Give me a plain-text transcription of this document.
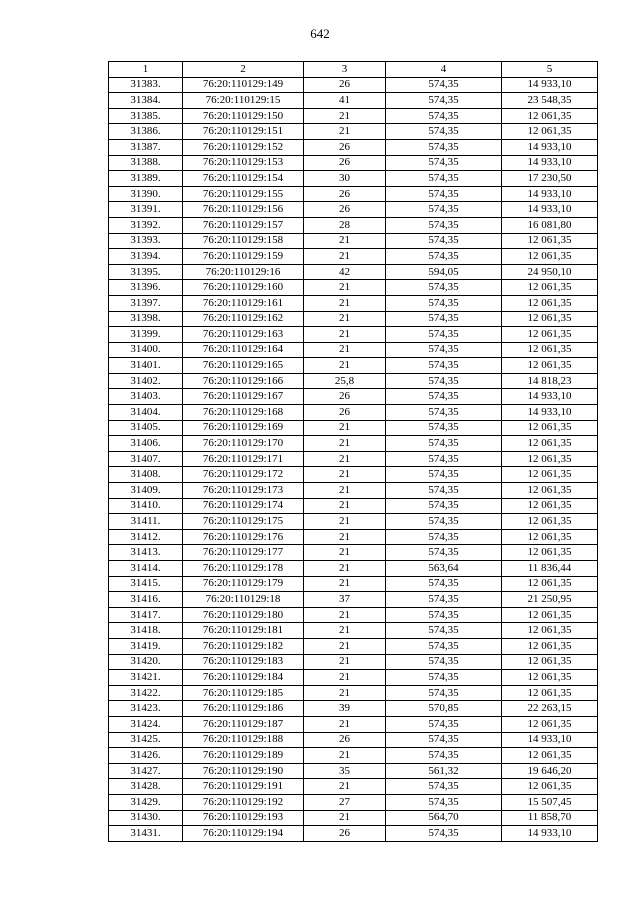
642
1	2	3	4	5
31383.	76:20:110129:149	26	574,35	14 933,10
31384.	76:20:110129:15	41	574,35	23 548,35
31385.	76:20:110129:150	21	574,35	12 061,35
31386.	76:20:110129:151	21	574,35	12 061,35
31387.	76:20:110129:152	26	574,35	14 933,10
31388.	76:20:110129:153	26	574,35	14 933,10
31389.	76:20:110129:154	30	574,35	17 230,50
31390.	76:20:110129:155	26	574,35	14 933,10
31391.	76:20:110129:156	26	574,35	14 933,10
31392.	76:20:110129:157	28	574,35	16 081,80
31393.	76:20:110129:158	21	574,35	12 061,35
31394.	76:20:110129:159	21	574,35	12 061,35
31395.	76:20:110129:16	42	594,05	24 950,10
31396.	76:20:110129:160	21	574,35	12 061,35
31397.	76:20:110129:161	21	574,35	12 061,35
31398.	76:20:110129:162	21	574,35	12 061,35
31399.	76:20:110129:163	21	574,35	12 061,35
31400.	76:20:110129:164	21	574,35	12 061,35
31401.	76:20:110129:165	21	574,35	12 061,35
31402.	76:20:110129:166	25,8	574,35	14 818,23
31403.	76:20:110129:167	26	574,35	14 933,10
31404.	76:20:110129:168	26	574,35	14 933,10
31405.	76:20:110129:169	21	574,35	12 061,35
31406.	76:20:110129:170	21	574,35	12 061,35
31407.	76:20:110129:171	21	574,35	12 061,35
31408.	76:20:110129:172	21	574,35	12 061,35
31409.	76:20:110129:173	21	574,35	12 061,35
31410.	76:20:110129:174	21	574,35	12 061,35
31411.	76:20:110129:175	21	574,35	12 061,35
31412.	76:20:110129:176	21	574,35	12 061,35
31413.	76:20:110129:177	21	574,35	12 061,35
31414.	76:20:110129:178	21	563,64	11 836,44
31415.	76:20:110129:179	21	574,35	12 061,35
31416.	76:20:110129:18	37	574,35	21 250,95
31417.	76:20:110129:180	21	574,35	12 061,35
31418.	76:20:110129:181	21	574,35	12 061,35
31419.	76:20:110129:182	21	574,35	12 061,35
31420.	76:20:110129:183	21	574,35	12 061,35
31421.	76:20:110129:184	21	574,35	12 061,35
31422.	76:20:110129:185	21	574,35	12 061,35
31423.	76:20:110129:186	39	570,85	22 263,15
31424.	76:20:110129:187	21	574,35	12 061,35
31425.	76:20:110129:188	26	574,35	14 933,10
31426.	76:20:110129:189	21	574,35	12 061,35
31427.	76:20:110129:190	35	561,32	19 646,20
31428.	76:20:110129:191	21	574,35	12 061,35
31429.	76:20:110129:192	27	574,35	15 507,45
31430.	76:20:110129:193	21	564,70	11 858,70
31431.	76:20:110129:194	26	574,35	14 933,10
